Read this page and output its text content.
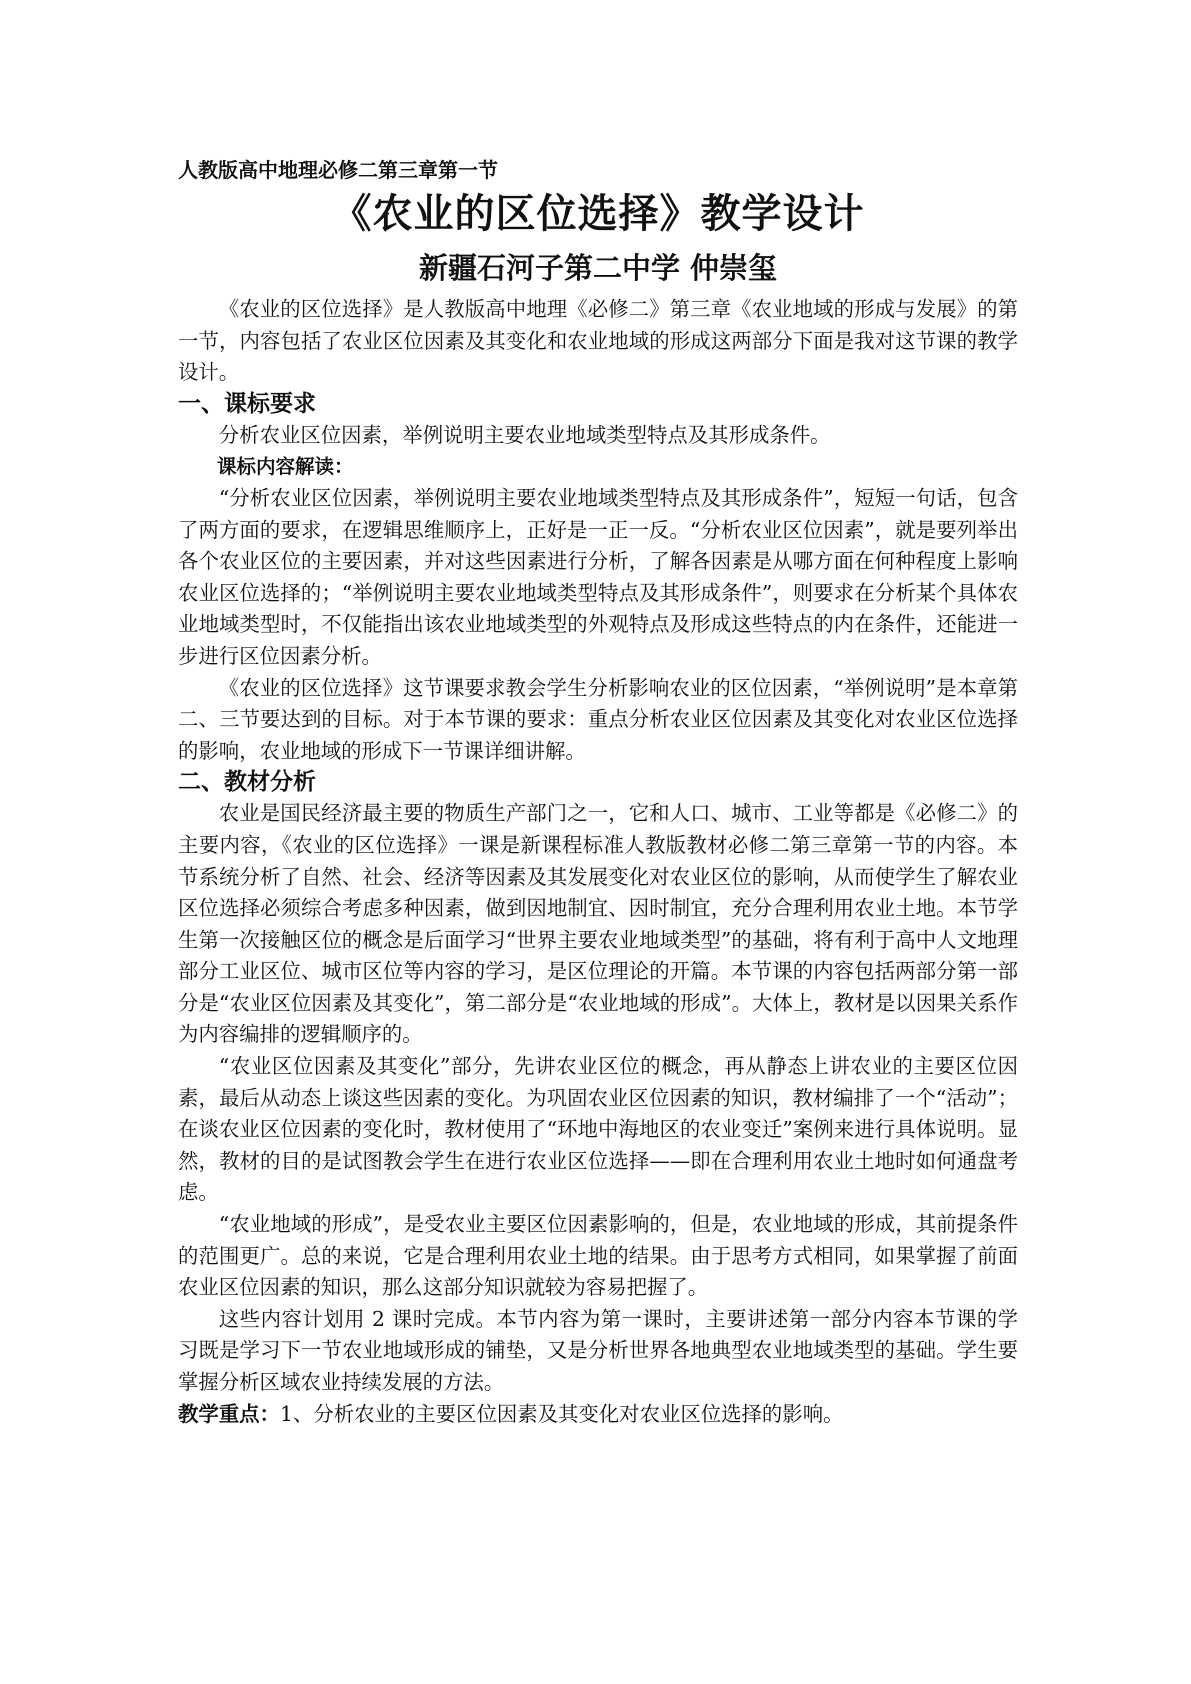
人教版高中地理必修二第三章第一节
《农业的区位选择》教学设计
新疆石河子第二中学 仲崇玺

《农业的区位选择》是人教版高中地理《必修二》第三章《农业地域的形成与发展》的第一节，内容包括了农业区位因素及其变化和农业地域的形成这两部分下面是我对这节课的教学设计。

一、课标要求

分析农业区位因素，举例说明主要农业地域类型特点及其形成条件。

课标内容解读：

“分析农业区位因素，举例说明主要农业地域类型特点及其形成条件”，短短一句话，包含了两方面的要求，在逻辑思维顺序上，正好是一正一反。“分析农业区位因素”，就是要列举出各个农业区位的主要因素，并对这些因素进行分析，了解各因素是从哪方面在何种程度上影响农业区位选择的；“举例说明主要农业地域类型特点及其形成条件”，则要求在分析某个具体农业地域类型时，不仅能指出该农业地域类型的外观特点及形成这些特点的内在条件，还能进一步进行区位因素分析。

《农业的区位选择》这节课要求教会学生分析影响农业的区位因素，“举例说明”是本章第二、三节要达到的目标。对于本节课的要求：重点分析农业区位因素及其变化对农业区位选择的影响，农业地域的形成下一节课详细讲解。

二、教材分析

农业是国民经济最主要的物质生产部门之一，它和人口、城市、工业等都是《必修二》的主要内容，《农业的区位选择》一课是新课程标准人教版教材必修二第三章第一节的内容。本节系统分析了自然、社会、经济等因素及其发展变化对农业区位的影响，从而使学生了解农业区位选择必须综合考虑多种因素，做到因地制宜、因时制宜，充分合理利用农业土地。本节学生第一次接触区位的概念是后面学习“世界主要农业地域类型”的基础，将有利于高中人文地理部分工业区位、城市区位等内容的学习，是区位理论的开篇。本节课的内容包括两部分第一部分是“农业区位因素及其变化”，第二部分是“农业地域的形成”。大体上，教材是以因果关系作为内容编排的逻辑顺序的。

“农业区位因素及其变化”部分，先讲农业区位的概念，再从静态上讲农业的主要区位因素，最后从动态上谈这些因素的变化。为巩固农业区位因素的知识，教材编排了一个“活动”；在谈农业区位因素的变化时，教材使用了“环地中海地区的农业变迁”案例来进行具体说明。显然，教材的目的是试图教会学生在进行农业区位选择——即在合理利用农业土地时如何通盘考虑。

“农业地域的形成”，是受农业主要区位因素影响的，但是，农业地域的形成，其前提条件的范围更广。总的来说，它是合理利用农业土地的结果。由于思考方式相同，如果掌握了前面农业区位因素的知识，那么这部分知识就较为容易把握了。

这些内容计划用 2 课时完成。本节内容为第一课时，主要讲述第一部分内容本节课的学习既是学习下一节农业地域形成的铺垫，又是分析世界各地典型农业地域类型的基础。学生要掌握分析区域农业持续发展的方法。

教学重点：1、分析农业的主要区位因素及其变化对农业区位选择的影响。
